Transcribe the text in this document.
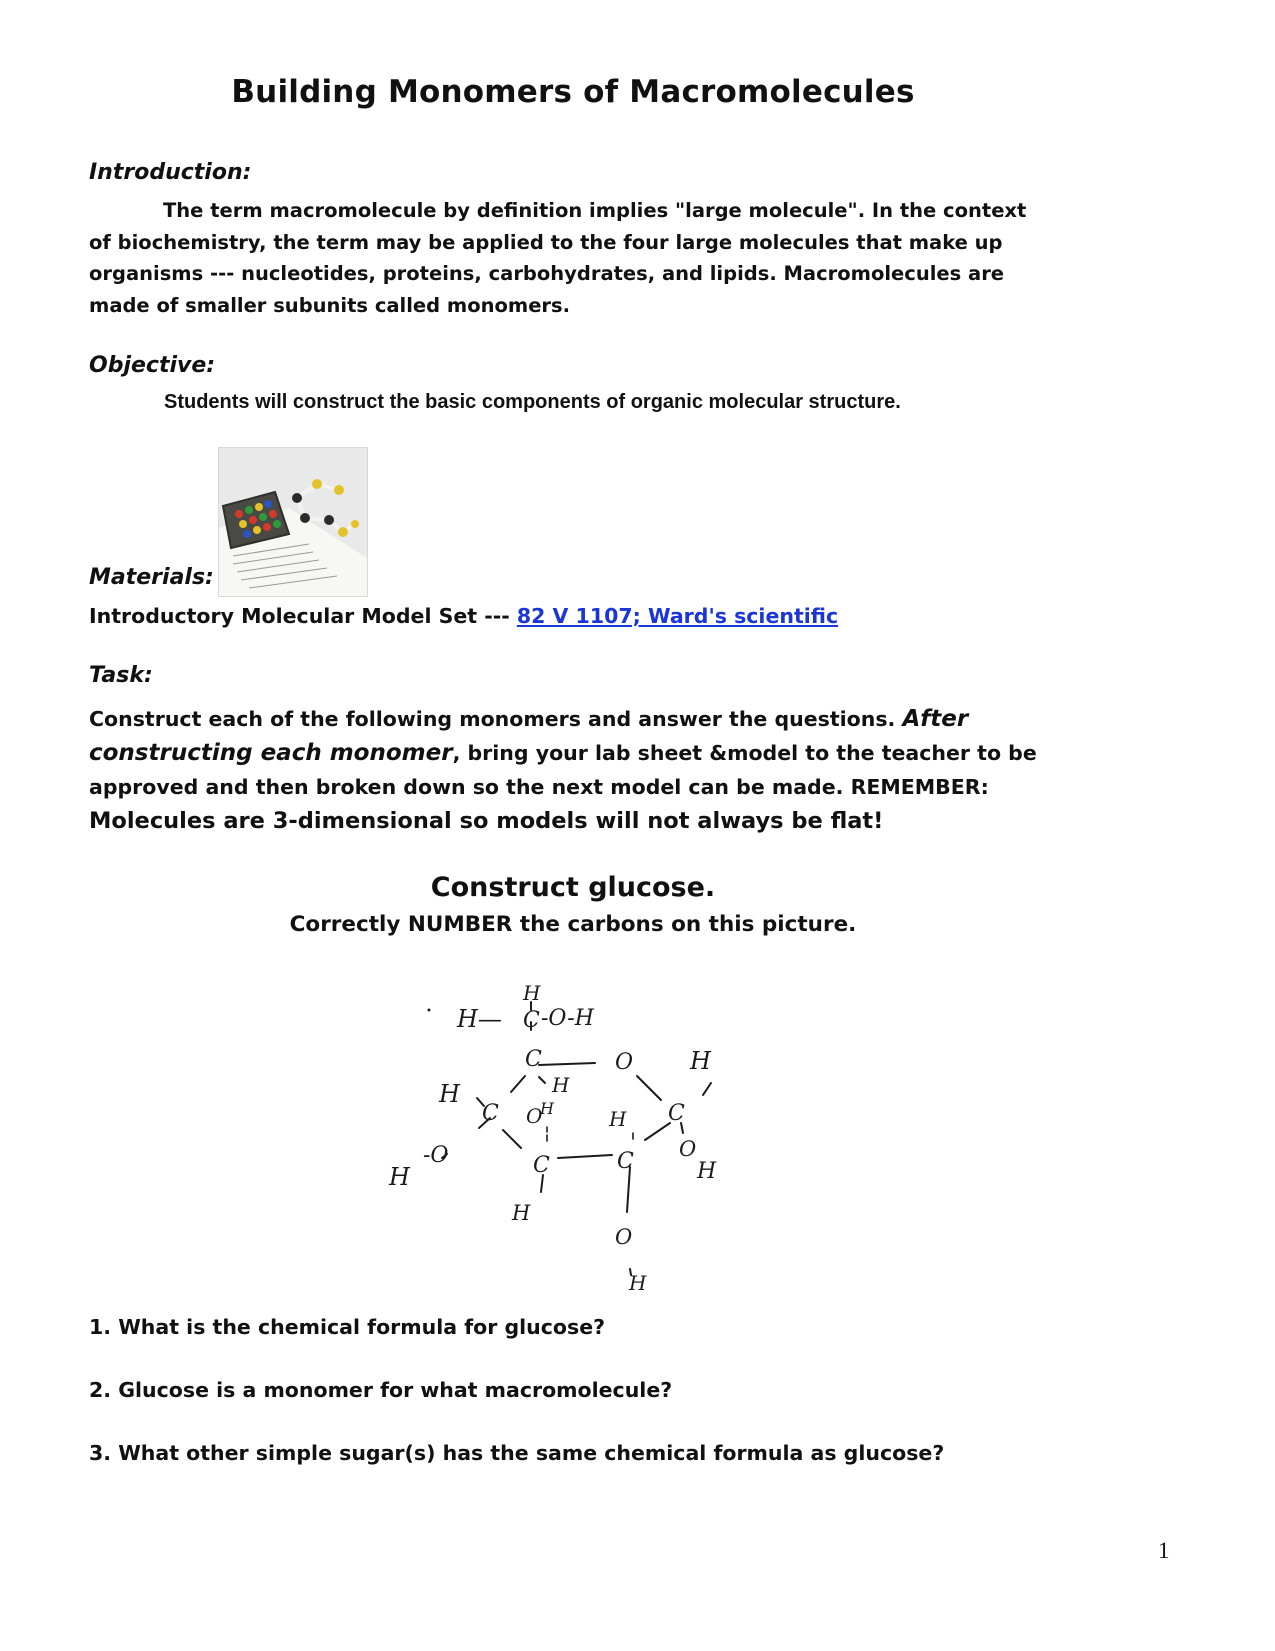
Building Monomers of Macromolecules
Introduction:
The term macromolecule by definition implies "large molecule". In the context
of biochemistry, the term may be applied to the four large molecules that make up
organisms --- nucleotides, proteins, carbohydrates, and lipids. Macromolecules are
made of smaller subunits called monomers.
Objective:
Students will construct the basic components of organic molecular structure.
Materials:
Introductory Molecular Model Set --- 82 V 1107; Ward's scientific
Task:
Construct each of the following monomers and answer the questions. After
constructing each monomer, bring your lab sheet &model to the teacher to be
approved and then broken down so the next model can be made. REMEMBER:
Molecules are 3-dimensional so models will not always be flat!
Construct glucose.
Correctly NUMBER the carbons on this picture.
H
H— C -O-H
C
H
O H
C
O
H
H
C
-O
H
O
H
C
H
H
C
O
H
1. What is the chemical formula for glucose?
2. Glucose is a monomer for what macromolecule?
3. What other simple sugar(s) has the same chemical formula as glucose?
1
